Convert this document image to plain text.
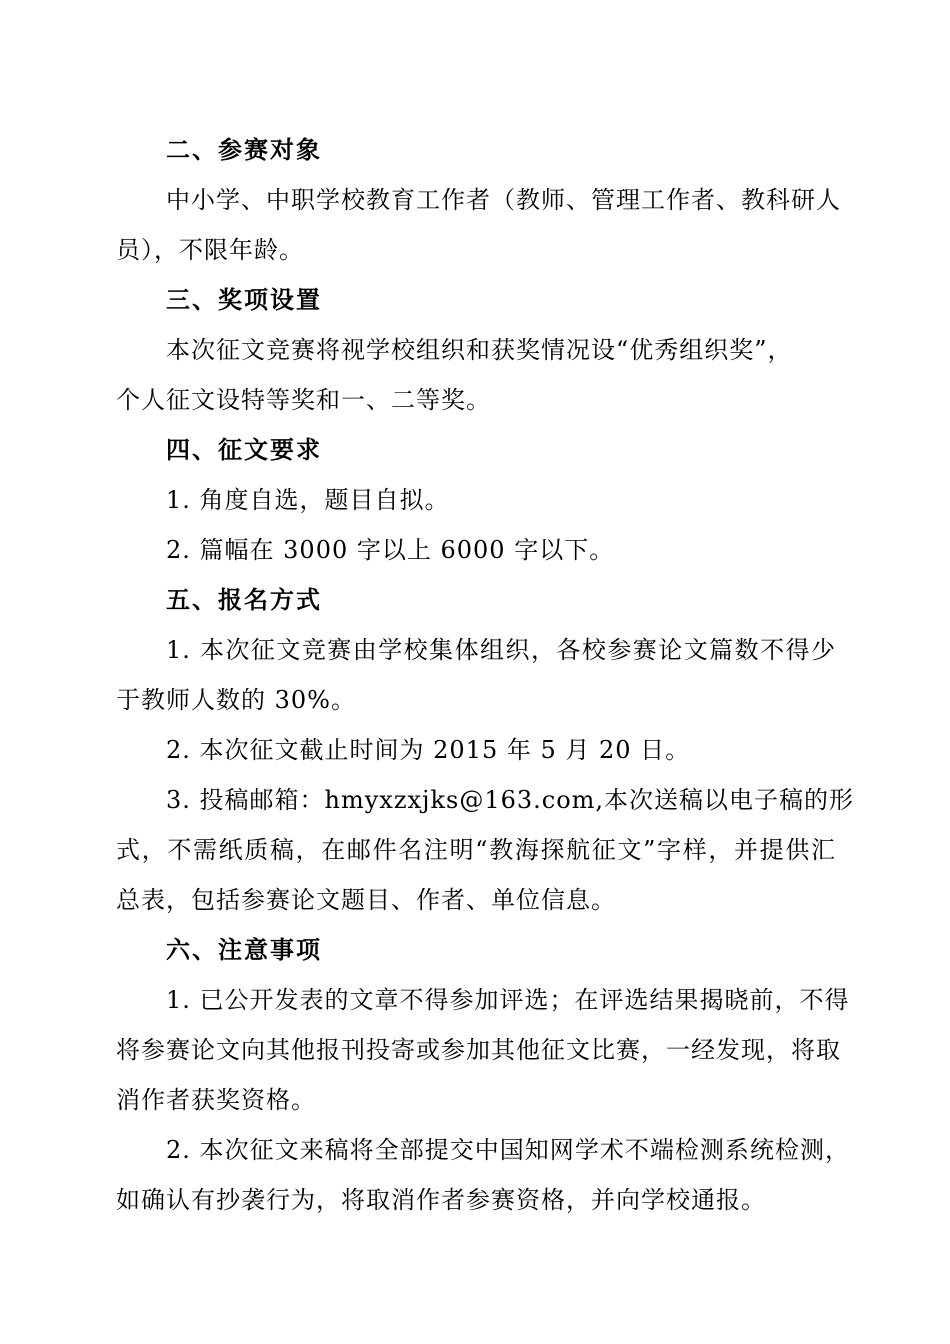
二、参赛对象
中小学、中职学校教育工作者（教师、管理工作者、教科研人
员），不限年龄。
三、奖项设置
本次征文竞赛将视学校组织和获奖情况设“优秀组织奖”，
个人征文设特等奖和一、二等奖。
四、征文要求
1. 角度自选，题目自拟。
2. 篇幅在 3000 字以上 6000 字以下。
五、报名方式
1. 本次征文竞赛由学校集体组织，各校参赛论文篇数不得少
于教师人数的 30%。
2. 本次征文截止时间为 2015 年 5 月 20 日。
3. 投稿邮箱：hmyxzxjks@163.com,本次送稿以电子稿的形
式，不需纸质稿，在邮件名注明“教海探航征文”字样，并提供汇
总表，包括参赛论文题目、作者、单位信息。
六、注意事项
1. 已公开发表的文章不得参加评选；在评选结果揭晓前，不得
将参赛论文向其他报刊投寄或参加其他征文比赛，一经发现，将取
消作者获奖资格。
2. 本次征文来稿将全部提交中国知网学术不端检测系统检测，
如确认有抄袭行为，将取消作者参赛资格，并向学校通报。
